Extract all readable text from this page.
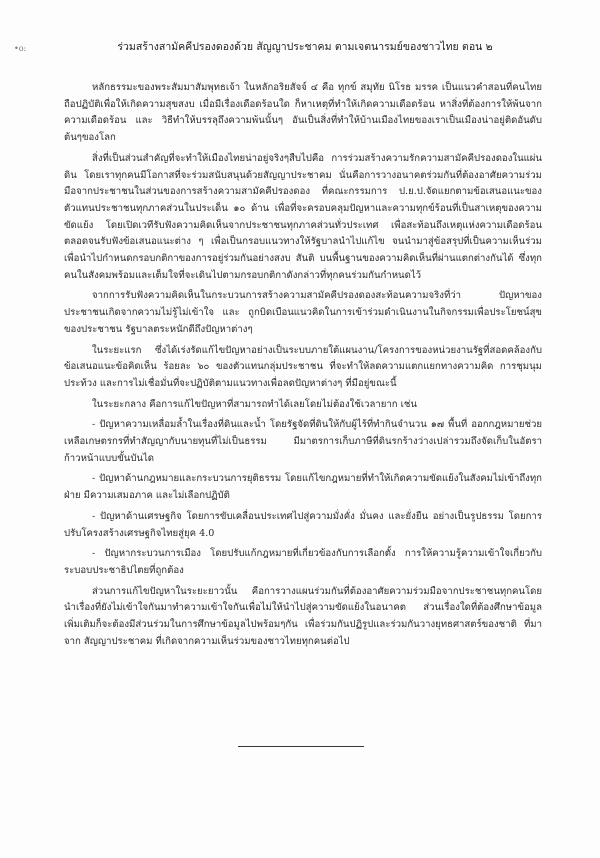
•o:	ร่วมสร้างสามัคคีปรองดองด้วย สัญญาประชาคม ตามเจตนารมย์ของชาวไทย ตอน ๒

หลักธรรมะของพระสัมมาสัมพุทธเจ้า ในหลักอริยสัจจ์ ๔ คือ ทุกข์ สมุทัย นิโรธ มรรค เป็นแนวคำสอนที่คนไทยถือปฏิบัติเพื่อให้เกิดความสุขสงบ เมื่อมีเรื่องเดือดร้อนใด ก็หาเหตุที่ทำให้เกิดความเดือดร้อน หาสิ่งที่ต้องการให้พ้นจากความเดือดร้อน และ วิธีทำให้บรรลุถึงความพ้นนั้นๆ อันเป็นสิ่งที่ทำให้บ้านเมืองไทยของเราเป็นเมืองน่าอยู่ติดอันดับต้นๆของโลก

สิ่งที่เป็นส่วนสำคัญที่จะทำให้เมืองไทยน่าอยู่จริงๆสืบไปคือ การร่วมสร้างความรักความสามัคคีปรองดองในแผ่นดิน โดยเราทุกคนมีโอกาสที่จะร่วมสนับสนุนด้วยสัญญาประชาคม นั่นคือการวางอนาคตร่วมกันที่ต้องอาศัยความร่วมมือจากประชาชนในส่วนของการสร้างความสามัคคีปรองดอง ที่คณะกรรมการ ป.ย.ป.จัดแยกตามข้อเสนอแนะของตัวแทนประชาชนทุกภาคส่วนในประเด็น ๑๐ ด้าน เพื่อที่จะครอบคลุมปัญหาและความทุกข์ร้อนที่เป็นสาเหตุของความขัดแย้ง โดยเปิดเวทีรับฟังความคิดเห็นจากประชาชนทุกภาคส่วนทั่วประเทศ เพื่อสะท้อนถึงเหตุแห่งความเดือดร้อน ตลอดจนรับฟังข้อเสนอแนะต่าง ๆ เพื่อเป็นกรอบแนวทางให้รัฐบาลนำไปแก้ไข จนนำมาสู่ข้อสรุปที่เป็นความเห็นร่วม เพื่อนำไปกำหนดกรอบกติกาของการอยู่ร่วมกันอย่างสงบ สันติ บนพื้นฐานของความคิดเห็นที่ผ่านแตกต่างกันได้ ซึ่งทุกคนในสังคมพร้อมและเต็มใจที่จะเดินไปตามกรอบกติกาดังกล่าวที่ทุกคนร่วมกันกำหนดไว้

จากการรับฟังความคิดเห็นในกระบวนการสร้างความสามัคคีปรองดองสะท้อนความจริงที่ว่า ปัญหาของประชาชนเกิดจากความไม่รู้ไม่เข้าใจ และ ถูกบิดเบือนแนวคิดในการเข้าร่วมดำเนินงานในกิจกรรมเพื่อประโยชน์สุขของประชาชน รัฐบาลตระหนักดีถึงปัญหาต่างๆ

ในระยะแรก ซึ่งได้เร่งรัดแก้ไขปัญหาอย่างเป็นระบบภายใต้แผนงาน/โครงการของหน่วยงานรัฐที่สอดคล้องกับข้อเสนอแนะข้อคิดเห็น ร้อยละ ๖๐ ของตัวแทนกลุ่มประชาชน ที่จะทำให้ลดความแตกแยกทางความคิด การชุมนุมประท้วง และการไม่เชื่อมั่นที่จะปฏิบัติตามแนวทางเพื่อลดปัญหาต่างๆ ที่มีอยู่ขณะนี้

ในระยะกลาง คือการแก้ไขปัญหาที่สามารถทำได้เลยโดยไม่ต้องใช้เวลายาก เช่น

- ปัญหาความเหลื่อมล้ำในเรื่องที่ดินและน้ำ โดยรัฐจัดที่ดินให้กับผู้ไร้ที่ทำกินจำนวน ๑๗ พื้นที่ ออกกฎหมายช่วยเหลือเกษตรกรที่ทำสัญญากับนายทุนที่ไม่เป็นธรรม มีมาตรการเก็บภาษีที่ดินรกร้างว่างเปล่ารวมถึงจัดเก็บในอัตราก้าวหน้าแบบขั้นบันได

- ปัญหาด้านกฎหมายและกระบวนการยุติธรรม โดยแก้ไขกฎหมายที่ทำให้เกิดความขัดแย้งในสังคมไม่เข้าถึงทุกฝ่าย มีความเสมอภาค และไม่เลือกปฏิบัติ

- ปัญหาด้านเศรษฐกิจ โดยการขับเคลื่อนประเทศไปสู่ความมั่งคั่ง มั่นคง และยั่งยืน อย่างเป็นรูปธรรม โดยการปรับโครงสร้างเศรษฐกิจไทยสู่ยุค 4.0

- ปัญหากระบวนการเมือง โดยปรับแก้กฎหมายที่เกี่ยวข้องกับการเลือกตั้ง การให้ความรู้ความเข้าใจเกี่ยวกับระบอบประชาธิปไตยที่ถูกต้อง

ส่วนการแก้ไขปัญหาในระยะยาวนั้น คือการวางแผนร่วมกันที่ต้องอาศัยความร่วมมือจากประชาชนทุกคนโดยนำเรื่องที่ยังไม่เข้าใจกันมาทำความเข้าใจกันเพื่อไม่ให้นำไปสู่ความขัดแย้งในอนาคต ส่วนเรื่องใดที่ต้องศึกษาข้อมูลเพิ่มเติมก็จะต้องมีส่วนร่วมในการศึกษาข้อมูลไปพร้อมๆกัน เพื่อร่วมกันปฏิรูปและร่วมกันวางยุทธศาสตร์ของชาติ ที่มาจาก สัญญาประชาคม ที่เกิดจากความเห็นร่วมของชาวไทยทุกคนต่อไป
